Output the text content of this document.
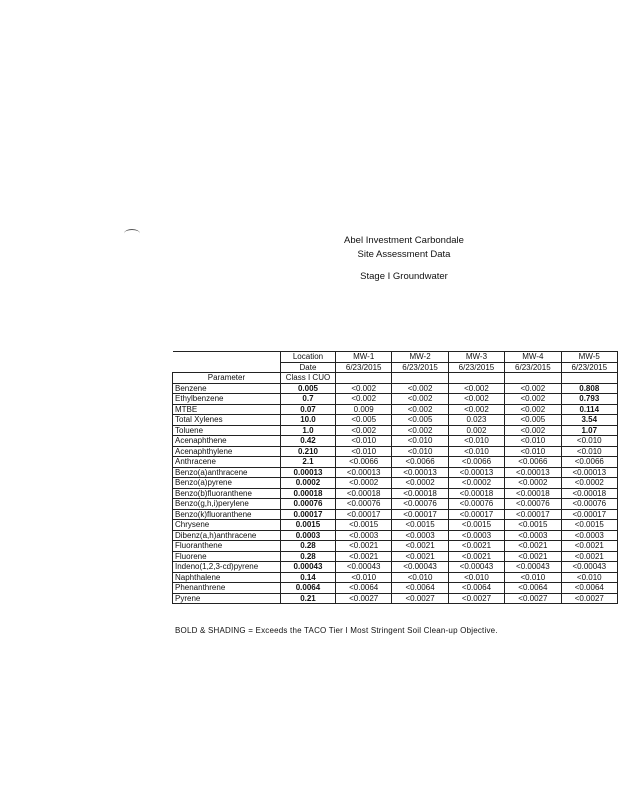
Abel Investment Carbondale
Site Assessment Data
Stage I Groundwater
	Location	MW-1	MW-2	MW-3	MW-4	MW-5
	Date	6/23/2015	6/23/2015	6/23/2015	6/23/2015	6/23/2015
Parameter	Class I CUO					
Benzene	0.005	<0.002	<0.002	<0.002	<0.002	0.808
Ethylbenzene	0.7	<0.002	<0.002	<0.002	<0.002	0.793
MTBE	0.07	0.009	<0.002	<0.002	<0.002	0.114
Total Xylenes	10.0	<0.005	<0.005	0.023	<0.005	3.54
Toluene	1.0	<0.002	<0.002	0.002	<0.002	1.07
Acenaphthene	0.42	<0.010	<0.010	<0.010	<0.010	<0.010
Acenaphthylene	0.210	<0.010	<0.010	<0.010	<0.010	<0.010
Anthracene	2.1	<0.0066	<0.0066	<0.0066	<0.0066	<0.0066
Benzo(a)anthracene	0.00013	<0.00013	<0.00013	<0.00013	<0.00013	<0.00013
Benzo(a)pyrene	0.0002	<0.0002	<0.0002	<0.0002	<0.0002	<0.0002
Benzo(b)fluoranthene	0.00018	<0.00018	<0.00018	<0.00018	<0.00018	<0.00018
Benzo(g,h,i)perylene	0.00076	<0.00076	<0.00076	<0.00076	<0.00076	<0.00076
Benzo(k)fluoranthene	0.00017	<0.00017	<0.00017	<0.00017	<0.00017	<0.00017
Chrysene	0.0015	<0.0015	<0.0015	<0.0015	<0.0015	<0.0015
Dibenz(a,h)anthracene	0.0003	<0.0003	<0.0003	<0.0003	<0.0003	<0.0003
Fluoranthene	0.28	<0.0021	<0.0021	<0.0021	<0.0021	<0.0021
Fluorene	0.28	<0.0021	<0.0021	<0.0021	<0.0021	<0.0021
Indeno(1,2,3-cd)pyrene	0.00043	<0.00043	<0.00043	<0.00043	<0.00043	<0.00043
Naphthalene	0.14	<0.010	<0.010	<0.010	<0.010	<0.010
Phenanthrene	0.0064	<0.0064	<0.0064	<0.0064	<0.0064	<0.0064
Pyrene	0.21	<0.0027	<0.0027	<0.0027	<0.0027	<0.0027
BOLD & SHADING = Exceeds the TACO Tier I Most Stringent Soil Clean-up Objective.
